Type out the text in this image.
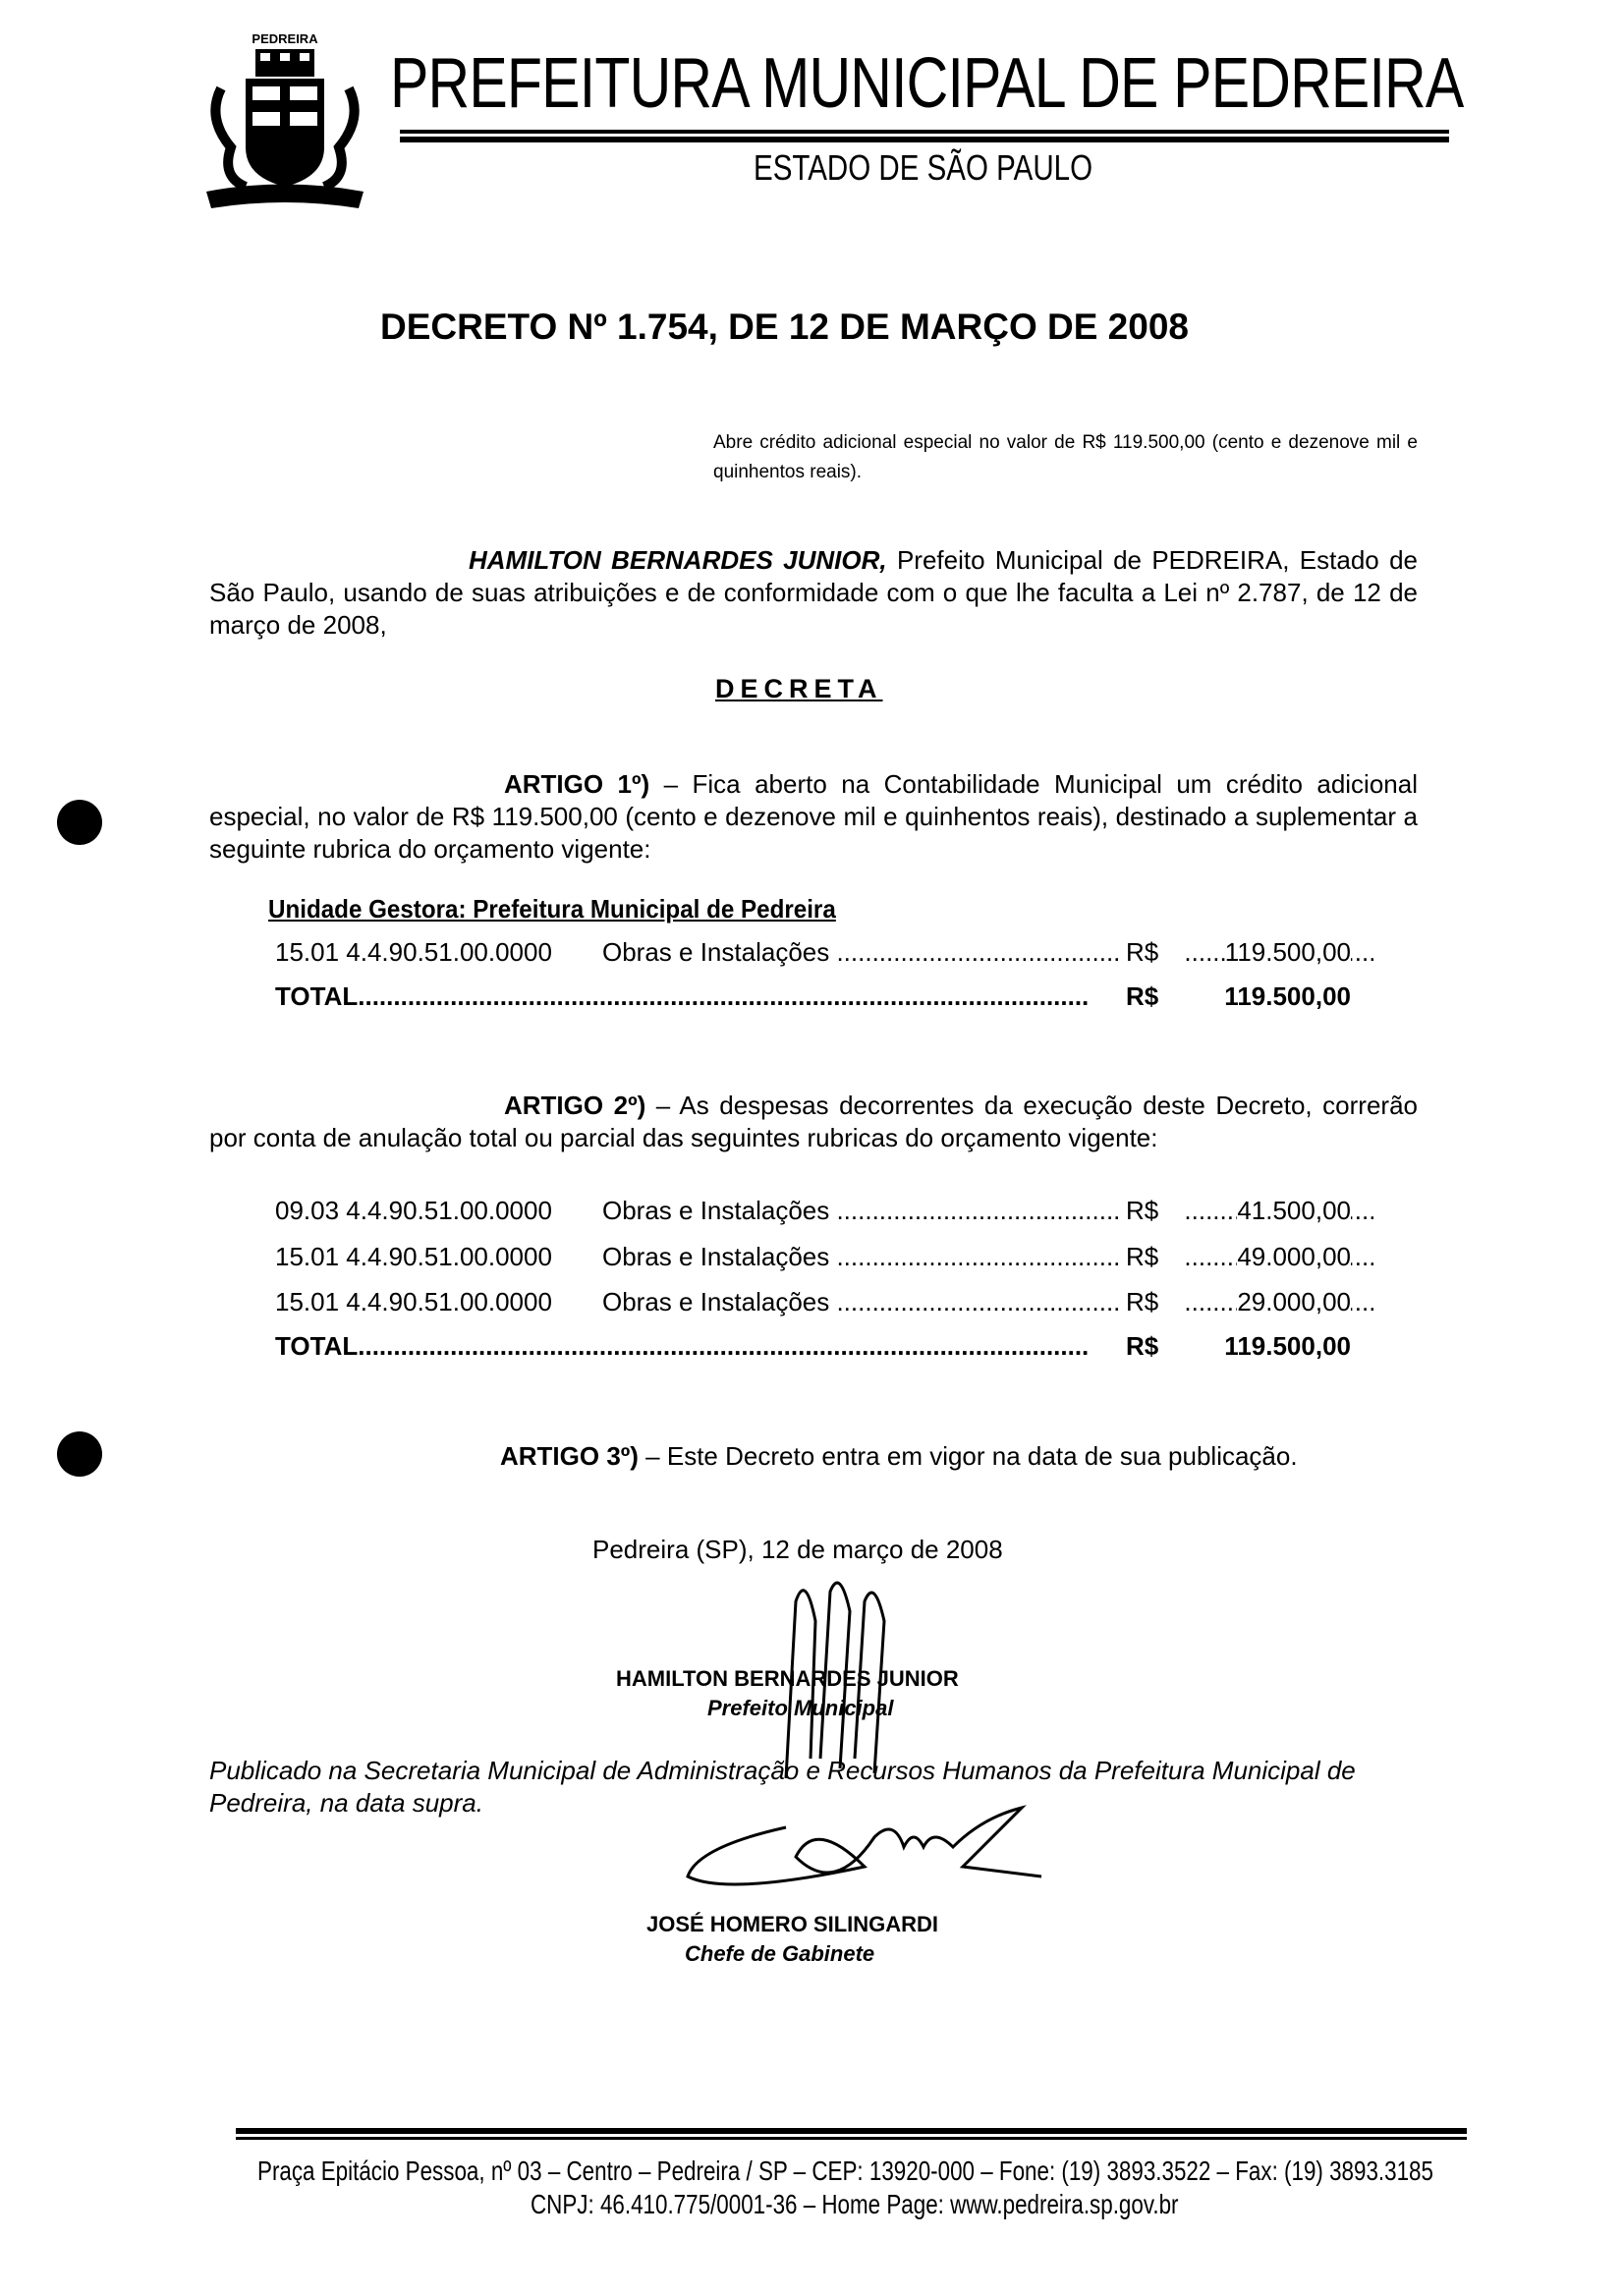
PEDREIRA
PREFEITURA MUNICIPAL DE PEDREIRA
ESTADO DE SÃO PAULO
DECRETO Nº 1.754, DE 12 DE MARÇO DE 2008
Abre crédito adicional especial no valor de R$ 119.500,00 (cento e dezenove mil e quinhentos reais).
HAMILTON BERNARDES JUNIOR, Prefeito Municipal de PEDREIRA, Estado de São Paulo, usando de suas atribuições e de conformidade com o que lhe faculta a Lei nº 2.787, de 12 de março de 2008,
DECRETA
ARTIGO 1º) – Fica aberto na Contabilidade Municipal um crédito adicional especial, no valor de R$ 119.500,00 (cento e dezenove mil e quinhentos reais), destinado a suplementar a seguinte rubrica do orçamento vigente:
Unidade Gestora: Prefeitura Municipal de Pedreira
15.01 4.4.90.51.00.0000 Obras e Instalações .....	R$	119.500,00
TOTAL .....	R$	119.500,00
ARTIGO 2º) – As despesas decorrentes da execução deste Decreto, correrão por conta de anulação total ou parcial das seguintes rubricas do orçamento vigente:
09.03 4.4.90.51.00.0000 Obras e Instalações .....	R$	41.500,00
15.01 4.4.90.51.00.0000 Obras e Instalações .....	R$	49.000,00
15.01 4.4.90.51.00.0000 Obras e Instalações .....	R$	29.000,00
TOTAL .....	R$	119.500,00
ARTIGO 3º) – Este Decreto entra em vigor na data de sua publicação.
Pedreira (SP), 12 de março de 2008
HAMILTON BERNARDES JUNIOR
Prefeito Municipal
Publicado na Secretaria Municipal de Administração e Recursos Humanos da Prefeitura Municipal de Pedreira, na data supra.
JOSÉ HOMERO SILINGARDI
Chefe de Gabinete
Praça Epitácio Pessoa, nº 03 – Centro – Pedreira / SP – CEP: 13920-000 – Fone: (19) 3893.3522 – Fax: (19) 3893.3185
CNPJ: 46.410.775/0001-36 – Home Page: www.pedreira.sp.gov.br
